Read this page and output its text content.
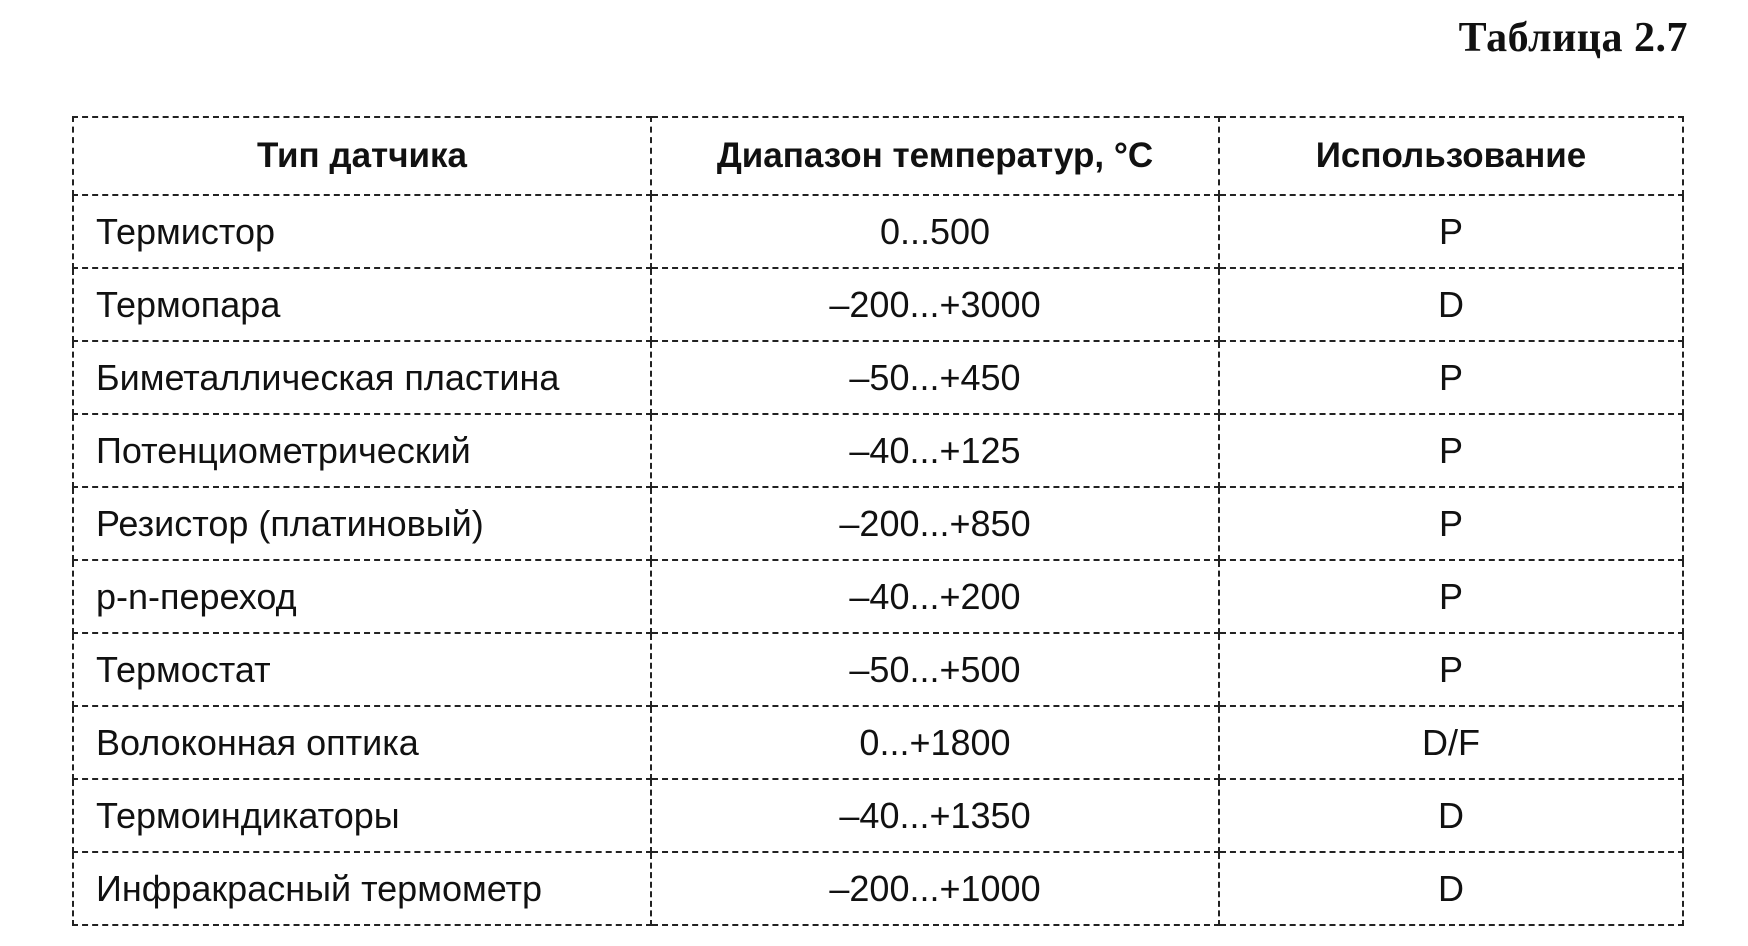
Таблица 2.7
Тип датчика	Диапазон температур, °C	Использование
Термистор	0...500	P
Термопара	–200...+3000	D
Биметаллическая пластина	–50...+450	P
Потенциометрический	–40...+125	P
Резистор (платиновый)	–200...+850	P
p-n-переход	–40...+200	P
Термостат	–50...+500	P
Волоконная оптика	0...+1800	D/F
Термоиндикаторы	–40...+1350	D
Инфракрасный термометр	–200...+1000	D
